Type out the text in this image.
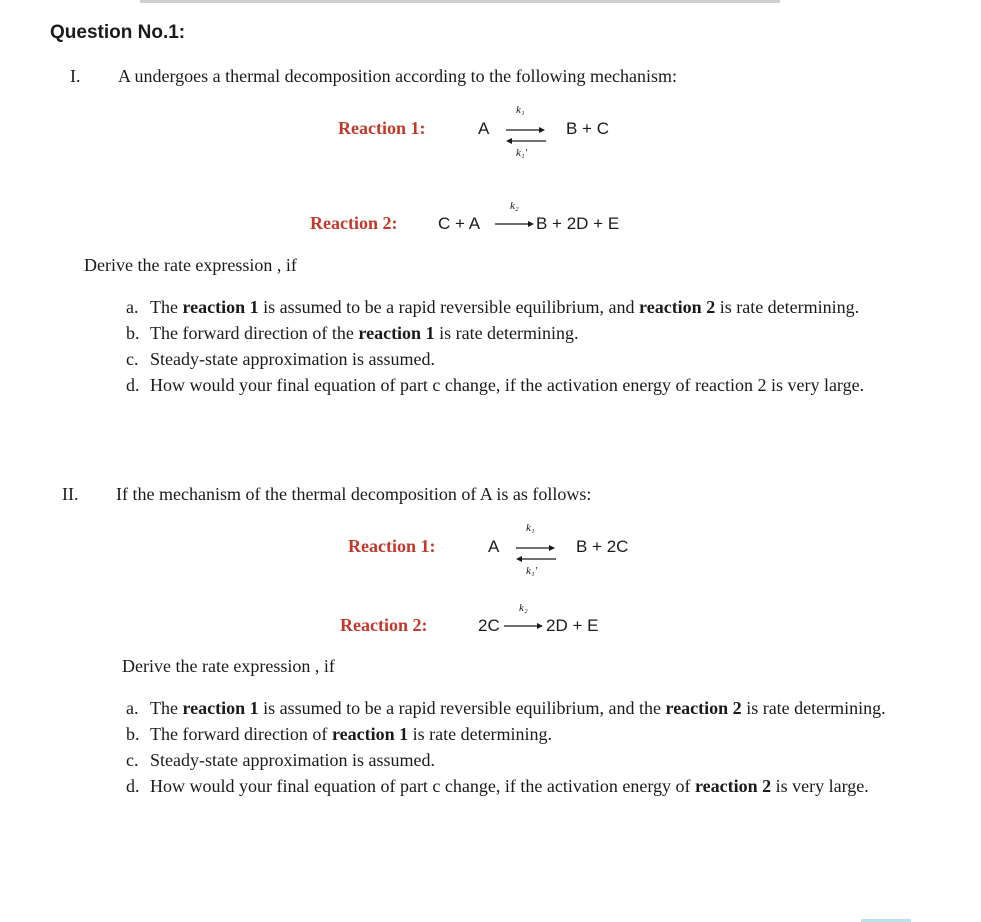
Question No.1:
I. A undergoes a thermal decomposition according to the following mechanism:
Reaction 1:	A
k₁
k₁'
B + C
Reaction 2: C + A
k₂
B + 2D + E
Derive the rate expression , if
a. The reaction 1 is assumed to be a rapid reversible equilibrium, and reaction 2 is rate determining.
b. The forward direction of the reaction 1 is rate determining.
c. Steady-state approximation is assumed.
d. How would your final equation of part c change, if the activation energy of reaction 2 is very large.
II. If the mechanism of the thermal decomposition of A is as follows:
Reaction 1:	A
k₁
k₁'
B + 2C
Reaction 2:	2C
k₂
2D + E
Derive the rate expression , if
a. The reaction 1 is assumed to be a rapid reversible equilibrium, and the reaction 2 is rate determining.
b. The forward direction of reaction 1 is rate determining.
c. Steady-state approximation is assumed.
d. How would your final equation of part c change, if the activation energy of reaction 2 is very large.
